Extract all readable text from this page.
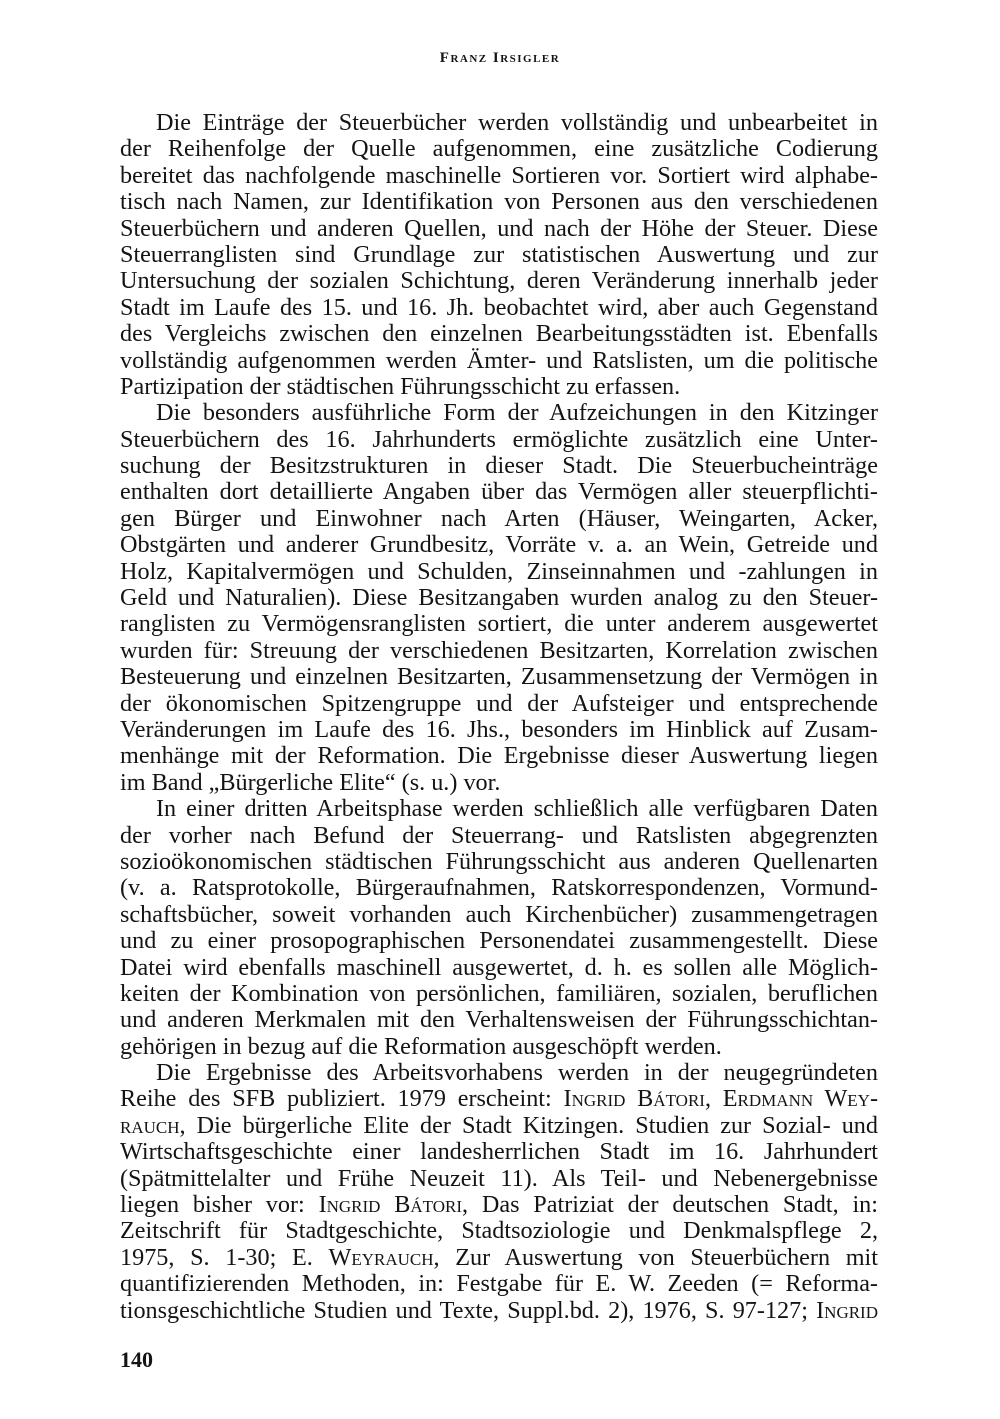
Franz Irsigler
Die Einträge der Steuerbücher werden vollständig und unbearbeitet in
der Reihenfolge der Quelle aufgenommen, eine zusätzliche Codierung
bereitet das nachfolgende maschinelle Sortieren vor. Sortiert wird alphabe-
tisch nach Namen, zur Identifikation von Personen aus den verschiedenen
Steuerbüchern und anderen Quellen, und nach der Höhe der Steuer. Diese
Steuerranglisten sind Grundlage zur statistischen Auswertung und zur
Untersuchung der sozialen Schichtung, deren Veränderung innerhalb jeder
Stadt im Laufe des 15. und 16. Jh. beobachtet wird, aber auch Gegenstand
des Vergleichs zwischen den einzelnen Bearbeitungsstädten ist. Ebenfalls
vollständig aufgenommen werden Ämter- und Ratslisten, um die politische
Partizipation der städtischen Führungsschicht zu erfassen.
Die besonders ausführliche Form der Aufzeichungen in den Kitzinger
Steuerbüchern des 16. Jahrhunderts ermöglichte zusätzlich eine Unter-
suchung der Besitzstrukturen in dieser Stadt. Die Steuerbucheinträge
enthalten dort detaillierte Angaben über das Vermögen aller steuerpflichti-
gen Bürger und Einwohner nach Arten (Häuser, Weingarten, Acker,
Obstgärten und anderer Grundbesitz, Vorräte v. a. an Wein, Getreide und
Holz, Kapitalvermögen und Schulden, Zinseinnahmen und -zahlungen in
Geld und Naturalien). Diese Besitzangaben wurden analog zu den Steuer-
ranglisten zu Vermögensranglisten sortiert, die unter anderem ausgewertet
wurden für: Streuung der verschiedenen Besitzarten, Korrelation zwischen
Besteuerung und einzelnen Besitzarten, Zusammensetzung der Vermögen in
der ökonomischen Spitzengruppe und der Aufsteiger und entsprechende
Veränderungen im Laufe des 16. Jhs., besonders im Hinblick auf Zusam-
menhänge mit der Reformation. Die Ergebnisse dieser Auswertung liegen
im Band „Bürgerliche Elite“ (s. u.) vor.
In einer dritten Arbeitsphase werden schließlich alle verfügbaren Daten
der vorher nach Befund der Steuerrang- und Ratslisten abgegrenzten
sozioökonomischen städtischen Führungsschicht aus anderen Quellenarten
(v. a. Ratsprotokolle, Bürgeraufnahmen, Ratskorrespondenzen, Vormund-
schaftsbücher, soweit vorhanden auch Kirchenbücher) zusammengetragen
und zu einer prosopographischen Personendatei zusammengestellt. Diese
Datei wird ebenfalls maschinell ausgewertet, d. h. es sollen alle Möglich-
keiten der Kombination von persönlichen, familiären, sozialen, beruflichen
und anderen Merkmalen mit den Verhaltensweisen der Führungsschichtan-
gehörigen in bezug auf die Reformation ausgeschöpft werden.
Die Ergebnisse des Arbeitsvorhabens werden in der neugegründeten
Reihe des SFB publiziert. 1979 erscheint: Ingrid Bátori, Erdmann Wey-
rauch, Die bürgerliche Elite der Stadt Kitzingen. Studien zur Sozial- und
Wirtschaftsgeschichte einer landesherrlichen Stadt im 16. Jahrhundert
(Spätmittelalter und Frühe Neuzeit 11). Als Teil- und Nebenergebnisse
liegen bisher vor: Ingrid Bátori, Das Patriziat der deutschen Stadt, in:
Zeitschrift für Stadtgeschichte, Stadtsoziologie und Denkmalspflege 2,
1975, S. 1-30; E. Weyrauch, Zur Auswertung von Steuerbüchern mit
quantifizierenden Methoden, in: Festgabe für E. W. Zeeden (= Reforma-
tionsgeschichtliche Studien und Texte, Suppl.bd. 2), 1976, S. 97-127; Ingrid
140
